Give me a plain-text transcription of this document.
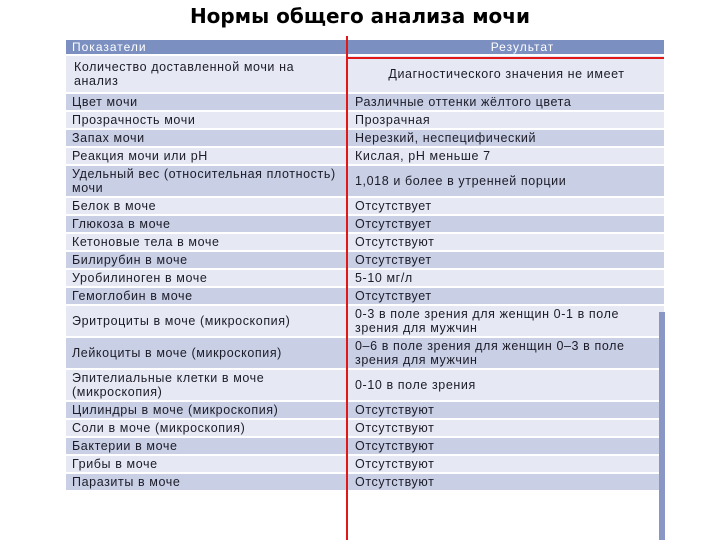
Нормы общего анализа мочи
Показатели	Результат
Количество доставленной мочи на анализ	Диагностического значения не имеет
Цвет мочи	Различные оттенки жёлтого цвета
Прозрачность мочи	Прозрачная
Запах мочи	Нерезкий, неспецифический
Реакция мочи или pH	Кислая, pH меньше 7
Удельный вес (относительная плотность) мочи	1,018 и более в утренней порции
Белок в моче	Отсутствует
Глюкоза в моче	Отсутствует
Кетоновые тела в моче	Отсутствуют
Билирубин в моче	Отсутствует
Уробилиноген в моче	5-10 мг/л
Гемоглобин в моче	Отсутствует
Эритроциты в моче (микроскопия)	0-3 в поле зрения для женщин 0-1 в поле зрения для мужчин
Лейкоциты в моче (микроскопия)	0–6 в поле зрения для женщин 0–3 в поле зрения для мужчин
Эпителиальные клетки в моче (микроскопия)	0-10 в поле зрения
Цилиндры в моче (микроскопия)	Отсутствуют
Соли в моче (микроскопия)	Отсутствуют
Бактерии в моче	Отсутствуют
Грибы в моче	Отсутствуют
Паразиты в моче	Отсутствуют
